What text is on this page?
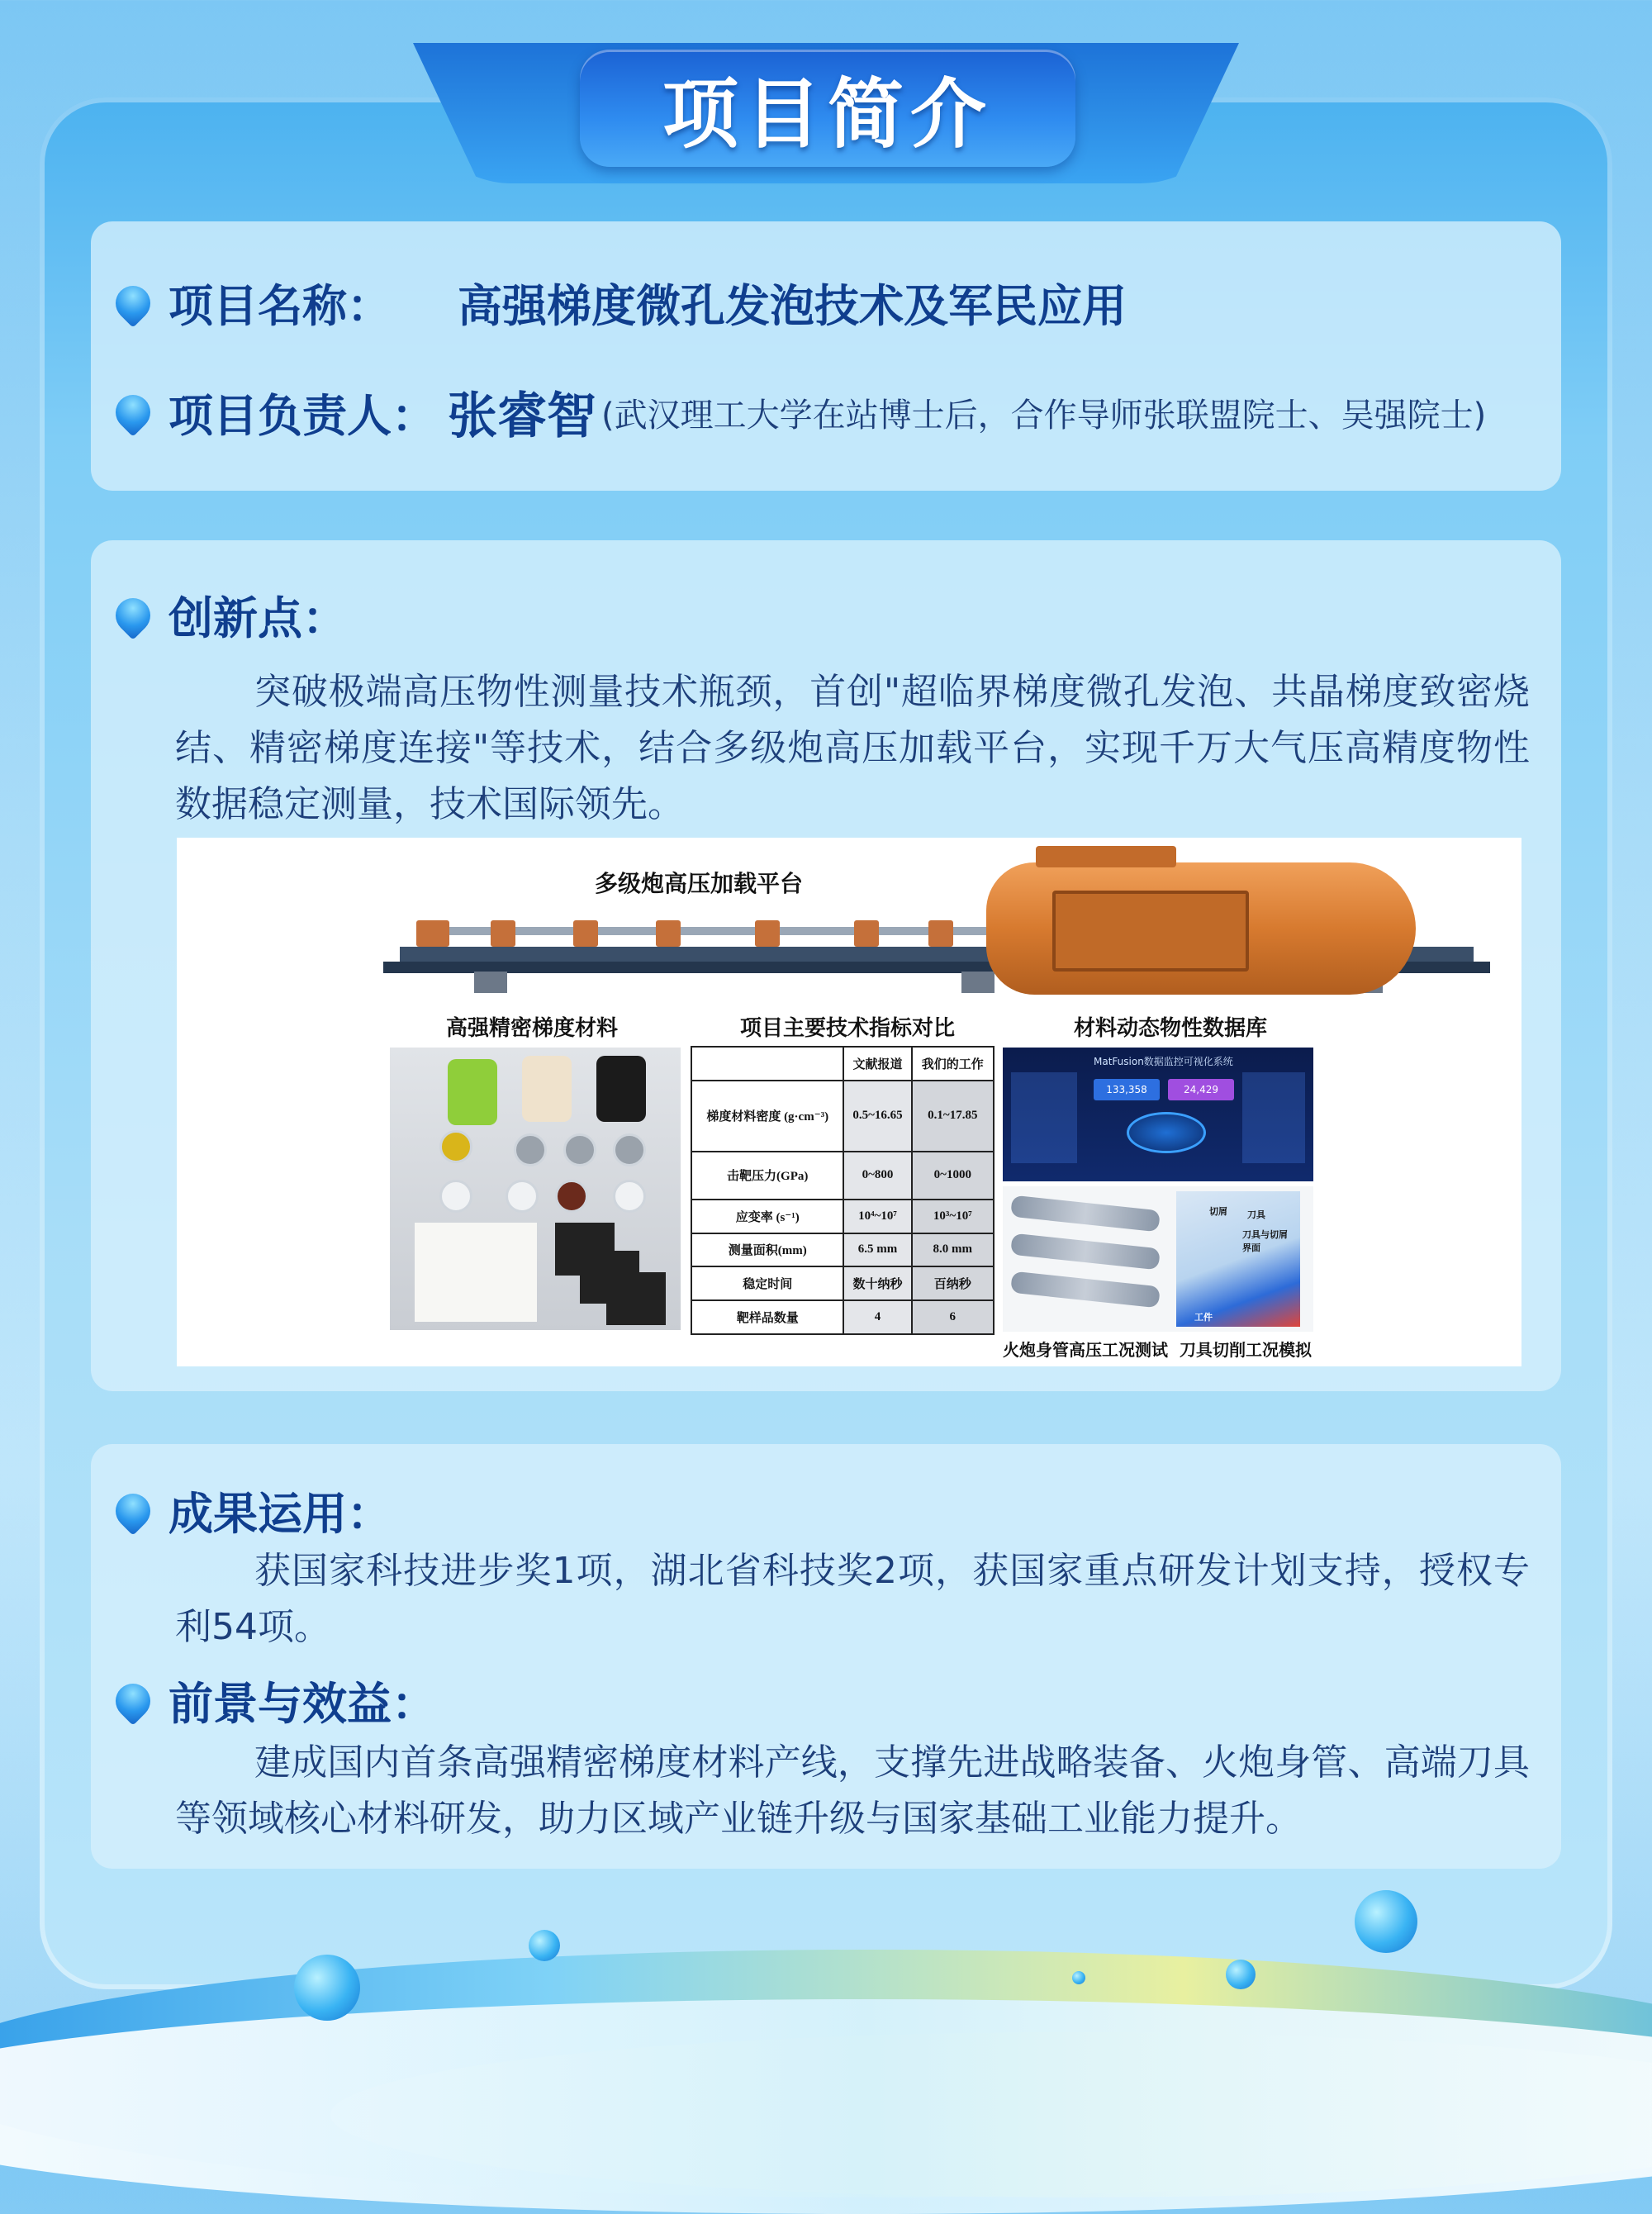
项目简介
项目名称： 高强梯度微孔发泡技术及军民应用
项目负责人： 张睿智 (武汉理工大学在站博士后，合作导师张联盟院士、吴强院士)
创新点：
突破极端高压物性测量技术瓶颈，首创"超临界梯度微孔发泡、共晶梯度致密烧结、精密梯度连接"等技术，结合多级炮高压加载平台，实现千万大气压高精度物性数据稳定测量，技术国际领先。
多级炮高压加载平台
高强精密梯度材料	项目主要技术指标对比	材料动态物性数据库
	文献报道	我们的工作
梯度材料密度 (g·cm⁻³)	0.5~16.65	0.1~17.85
击靶压力(GPa)	0~800	0~1000
应变率 (s⁻¹)	10⁴~10⁷	10³~10⁷
测量面积(mm)	6.5 mm	8.0 mm
稳定时间	数十纳秒	百纳秒
靶样品数量	4	6
MatFusion数据监控可视化系统
133,358	24,429
切屑 刀具
刀具与切屑界面
工件
火炮身管高压工况测试 刀具切削工况模拟
成果运用：
获国家科技进步奖1项，湖北省科技奖2项，获国家重点研发计划支持，授权专利54项。
前景与效益：
建成国内首条高强精密梯度材料产线，支撑先进战略装备、火炮身管、高端刀具等领域核心材料研发，助力区域产业链升级与国家基础工业能力提升。
